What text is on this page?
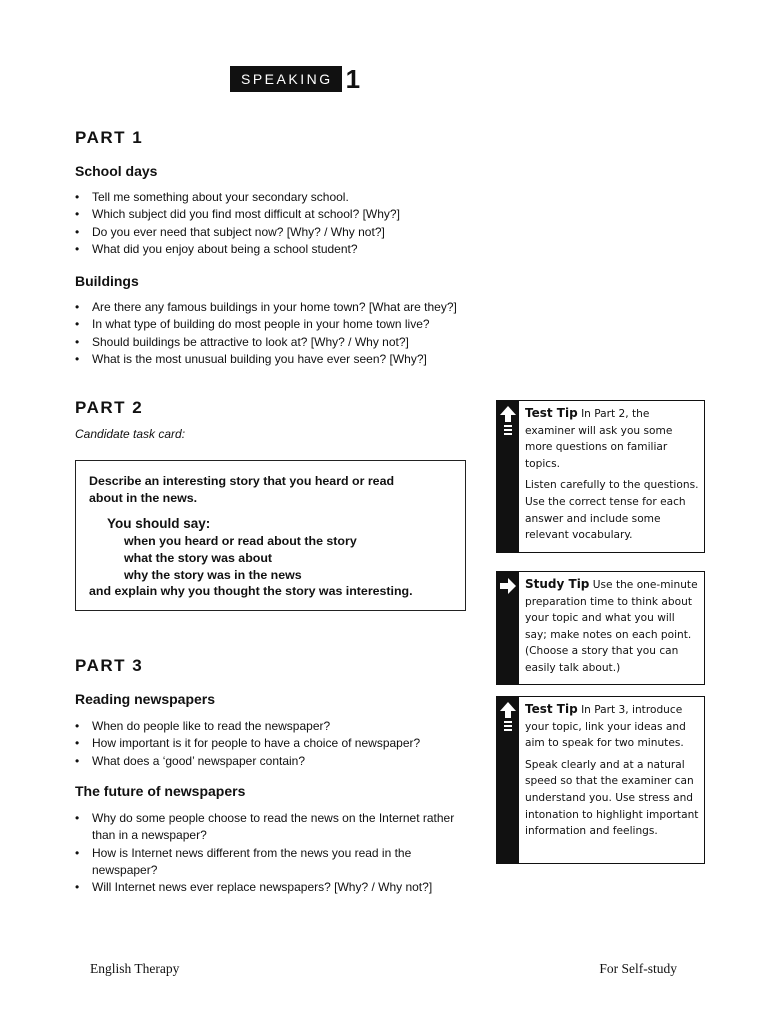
SPEAKING 1
PART 1
School days
• Tell me something about your secondary school.
• Which subject did you find most difficult at school? [Why?]
• Do you ever need that subject now? [Why? / Why not?]
• What did you enjoy about being a school student?
Buildings
• Are there any famous buildings in your home town? [What are they?]
• In what type of building do most people in your home town live?
• Should buildings be attractive to look at? [Why? / Why not?]
• What is the most unusual building you have ever seen? [Why?]
PART 2
Candidate task card:
Describe an interesting story that you heard or read
about in the news.
You should say:
when you heard or read about the story
what the story was about
why the story was in the news
and explain why you thought the story was interesting.
PART 3
Reading newspapers
• When do people like to read the newspaper?
• How important is it for people to have a choice of newspaper?
• What does a ‘good’ newspaper contain?
The future of newspapers
• Why do some people choose to read the news on the Internet rather than in a newspaper?
• How is Internet news different from the news you read in the newspaper?
• Will Internet news ever replace newspapers? [Why? / Why not?]

Test Tip In Part 2, the examiner will ask you some more questions on familiar topics.

Listen carefully to the questions. Use the correct tense for each answer and include some relevant vocabulary.

Study Tip Use the one-minute preparation time to think about your topic and what you will say; make notes on each point. (Choose a story that you can easily talk about.)

Test Tip In Part 3, introduce your topic, link your ideas and aim to speak for two minutes.

Speak clearly and at a natural speed so that the examiner can understand you. Use stress and intonation to highlight important information and feelings.

English Therapy	For Self-study
